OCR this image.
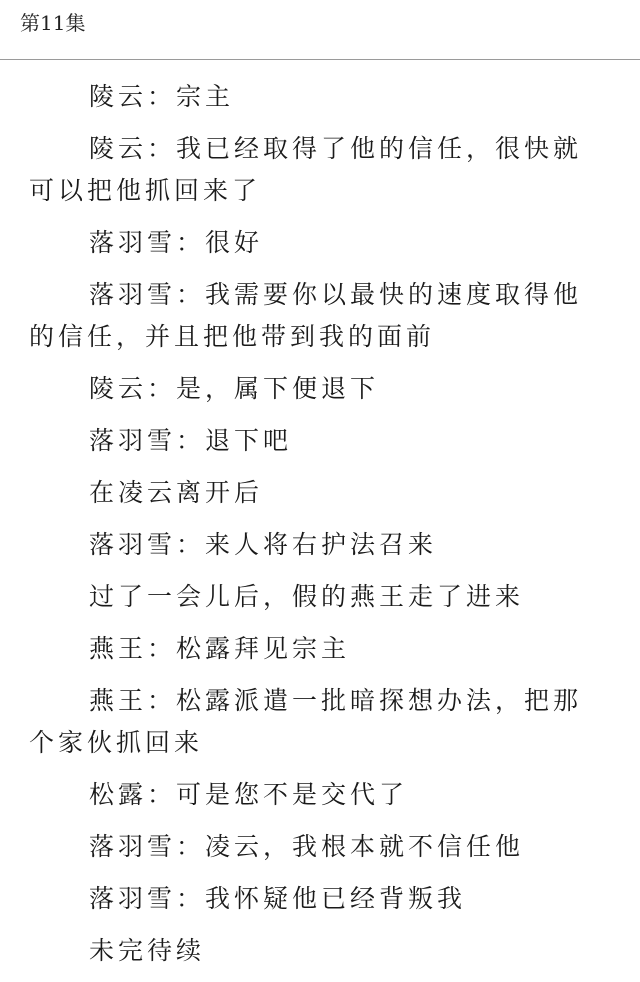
第11集

陵云：宗主

陵云：我已经取得了他的信任，很快就可以把他抓回来了

落羽雪：很好

落羽雪：我需要你以最快的速度取得他的信任，并且把他带到我的面前

陵云：是，属下便退下

落羽雪：退下吧

在凌云离开后

落羽雪：来人将右护法召来

过了一会儿后，假的燕王走了进来

燕王：松露拜见宗主

燕王：松露派遣一批暗探想办法，把那个家伙抓回来

松露：可是您不是交代了

落羽雪：凌云，我根本就不信任他

落羽雪：我怀疑他已经背叛我

未完待续
